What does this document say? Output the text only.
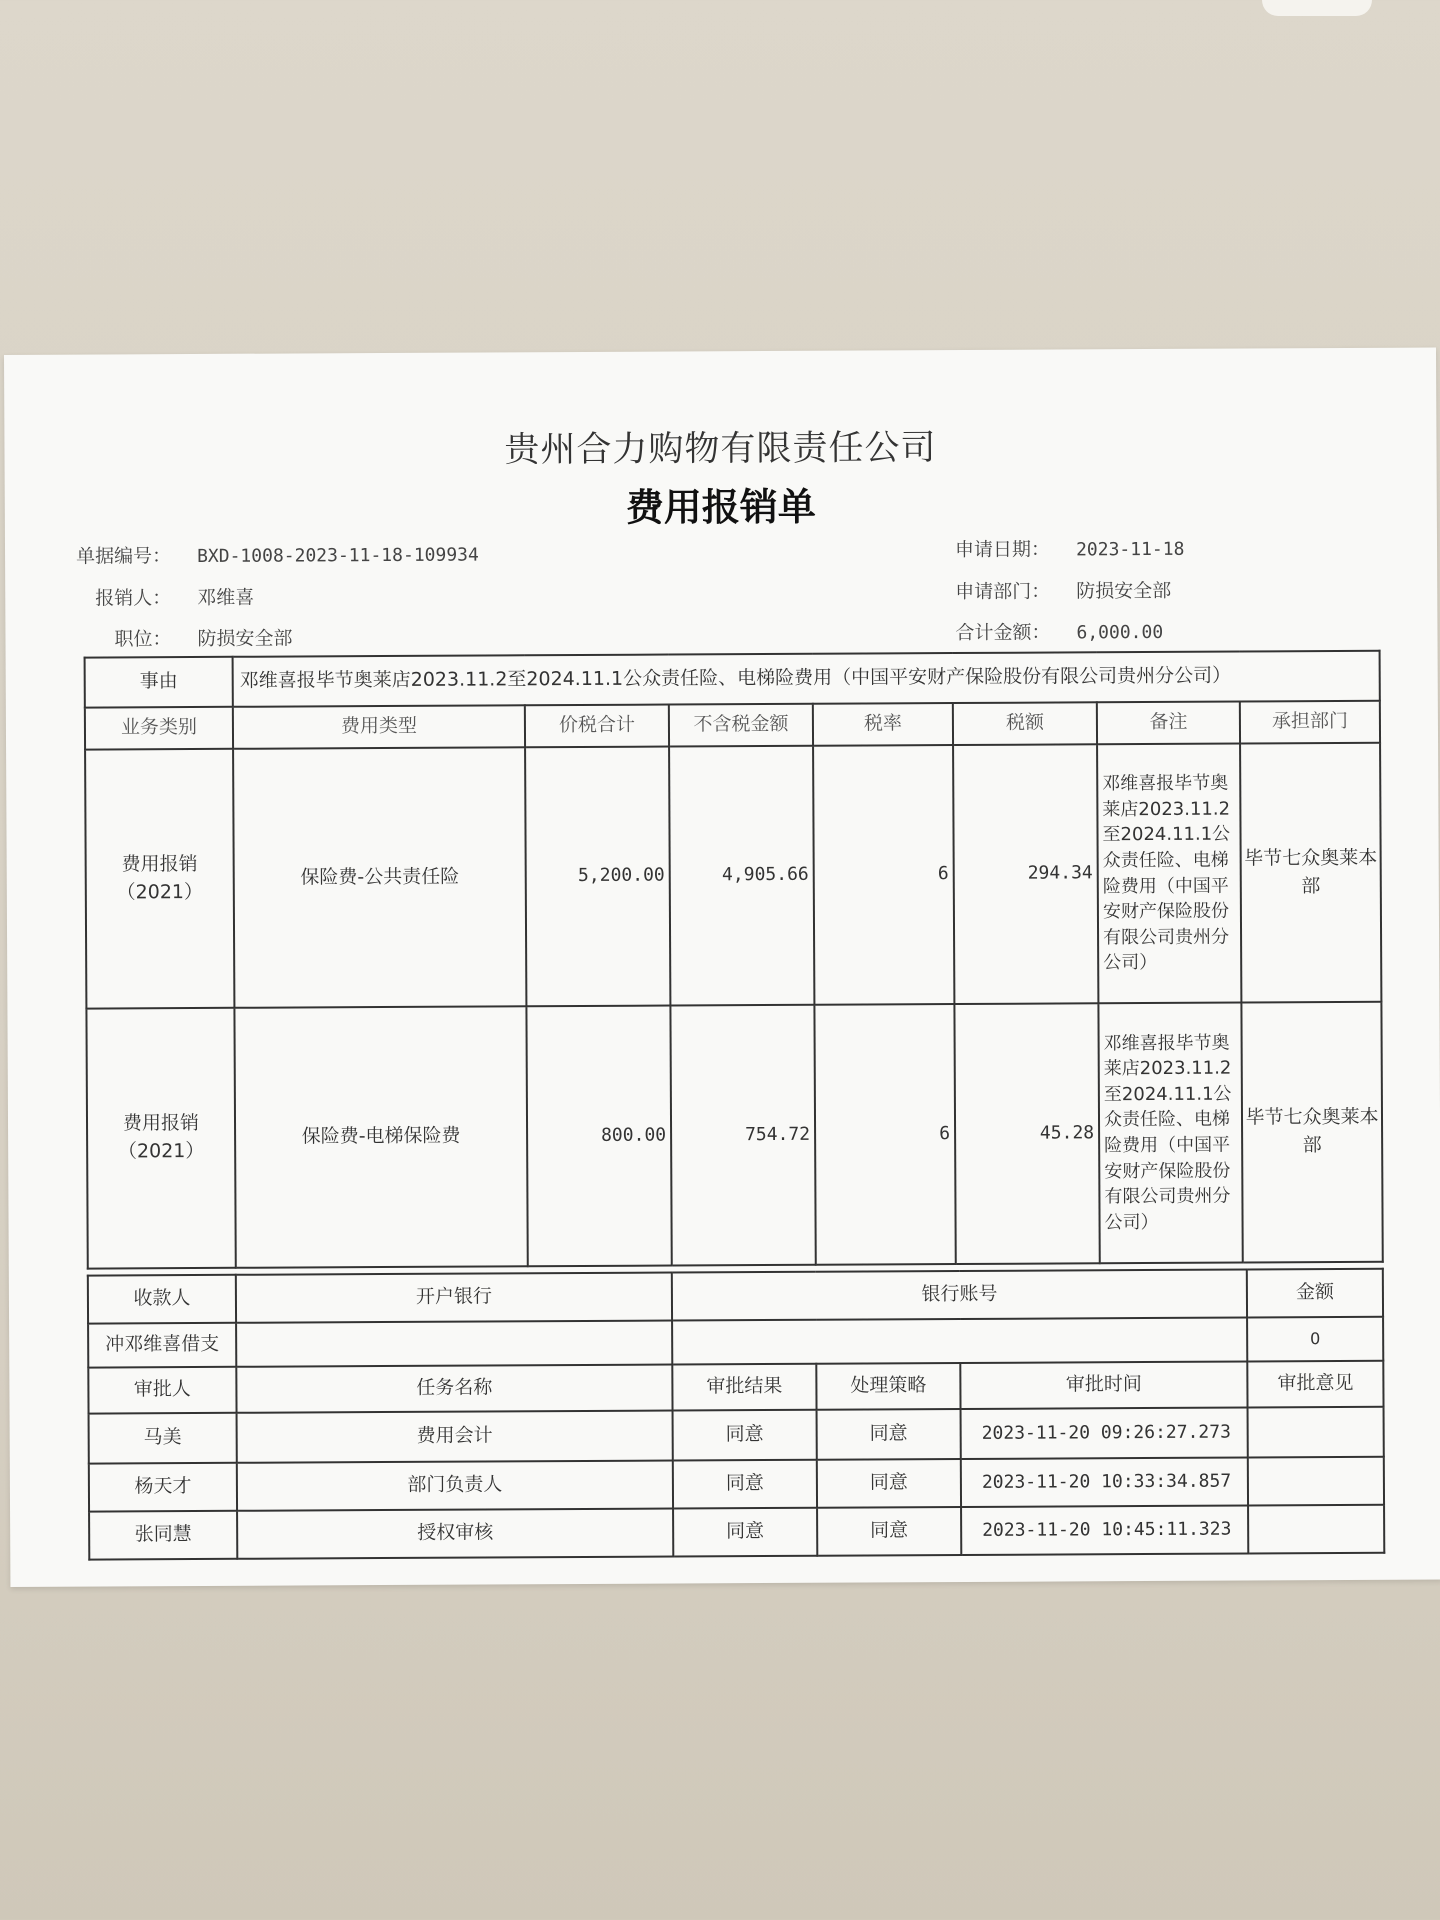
贵州合力购物有限责任公司
费用报销单
单据编号： BXD-1008-2023-11-18-109934
报销人： 邓维喜
职位： 防损安全部
申请日期： 2023-11-18
申请部门： 防损安全部
合计金额： 6,000.00
事由	邓维喜报毕节奥莱店2023.11.2至2024.11.1公众责任险、电梯险费用（中国平安财产保险股份有限公司贵州分公司）						
业务类别	费用类型	价税合计	不含税金额	税率	税额	备注	承担部门
费用报销（2021）	保险费-公共责任险	5,200.00	4,905.66	6	294.34	邓维喜报毕节奥莱店2023.11.2至2024.11.1公众责任险、电梯险费用（中国平安财产保险股份有限公司贵州分公司）	毕节七众奥莱本部
费用报销（2021）	保险费-电梯保险费	800.00	754.72	6	45.28	邓维喜报毕节奥莱店2023.11.2至2024.11.1公众责任险、电梯险费用（中国平安财产保险股份有限公司贵州分公司）	毕节七众奥莱本部
收款人	开户银行	银行账号			金额
冲邓维喜借支					0
审批人	任务名称	审批结果	处理策略	审批时间	审批意见
马美	费用会计	同意	同意	2023-11-20 09:26:27.273	
杨天才	部门负责人	同意	同意	2023-11-20 10:33:34.857	
张同慧	授权审核	同意	同意	2023-11-20 10:45:11.323	
